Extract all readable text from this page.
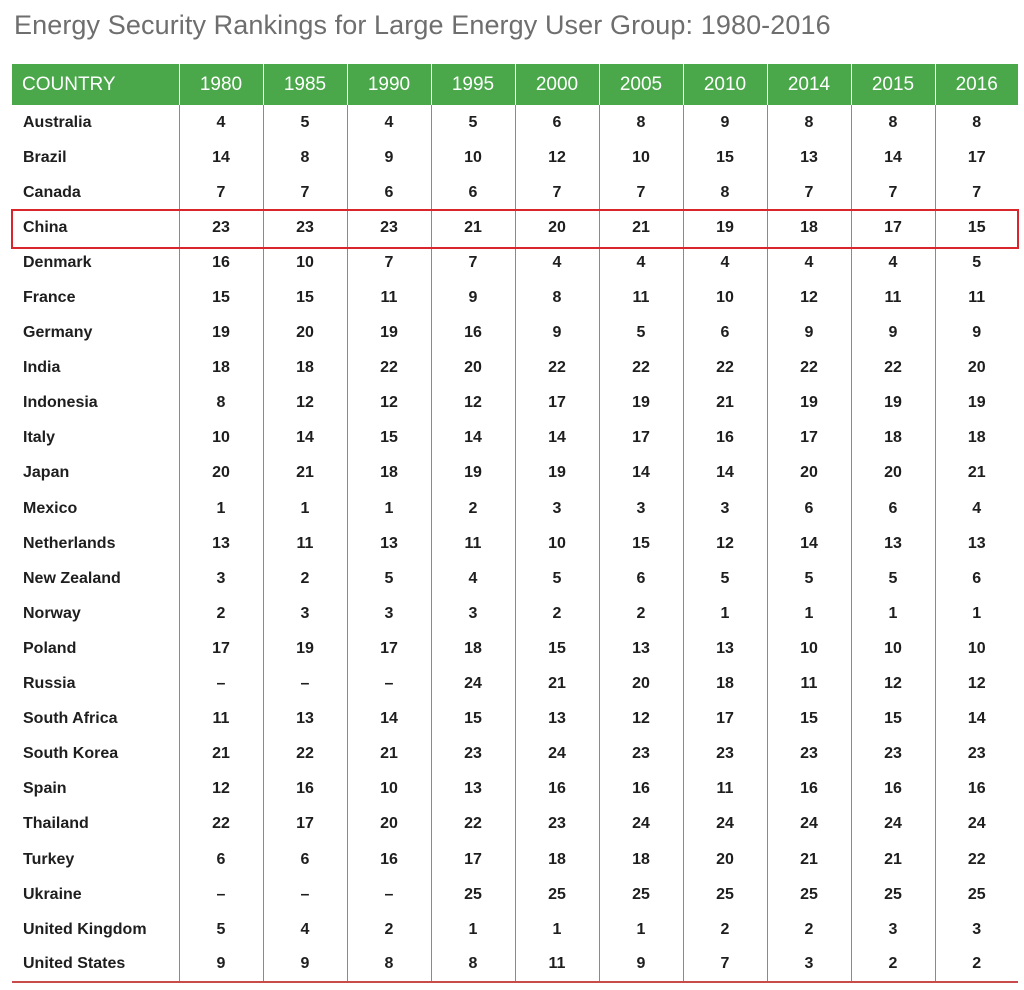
Energy Security Rankings for Large Energy User Group: 1980-2016
COUNTRY	1980	1985	1990	1995	2000	2005	2010	2014	2015	2016
Australia	4	5	4	5	6	8	9	8	8	8
Brazil	14	8	9	10	12	10	15	13	14	17
Canada	7	7	6	6	7	7	8	7	7	7
China	23	23	23	21	20	21	19	18	17	15
Denmark	16	10	7	7	4	4	4	4	4	5
France	15	15	11	9	8	11	10	12	11	11
Germany	19	20	19	16	9	5	6	9	9	9
India	18	18	22	20	22	22	22	22	22	20
Indonesia	8	12	12	12	17	19	21	19	19	19
Italy	10	14	15	14	14	17	16	17	18	18
Japan	20	21	18	19	19	14	14	20	20	21
Mexico	1	1	1	2	3	3	3	6	6	4
Netherlands	13	11	13	11	10	15	12	14	13	13
New Zealand	3	2	5	4	5	6	5	5	5	6
Norway	2	3	3	3	2	2	1	1	1	1
Poland	17	19	17	18	15	13	13	10	10	10
Russia	–	–	–	24	21	20	18	11	12	12
South Africa	11	13	14	15	13	12	17	15	15	14
South Korea	21	22	21	23	24	23	23	23	23	23
Spain	12	16	10	13	16	16	11	16	16	16
Thailand	22	17	20	22	23	24	24	24	24	24
Turkey	6	6	16	17	18	18	20	21	21	22
Ukraine	–	–	–	25	25	25	25	25	25	25
United Kingdom	5	4	2	1	1	1	2	2	3	3
United States	9	9	8	8	11	9	7	3	2	2
